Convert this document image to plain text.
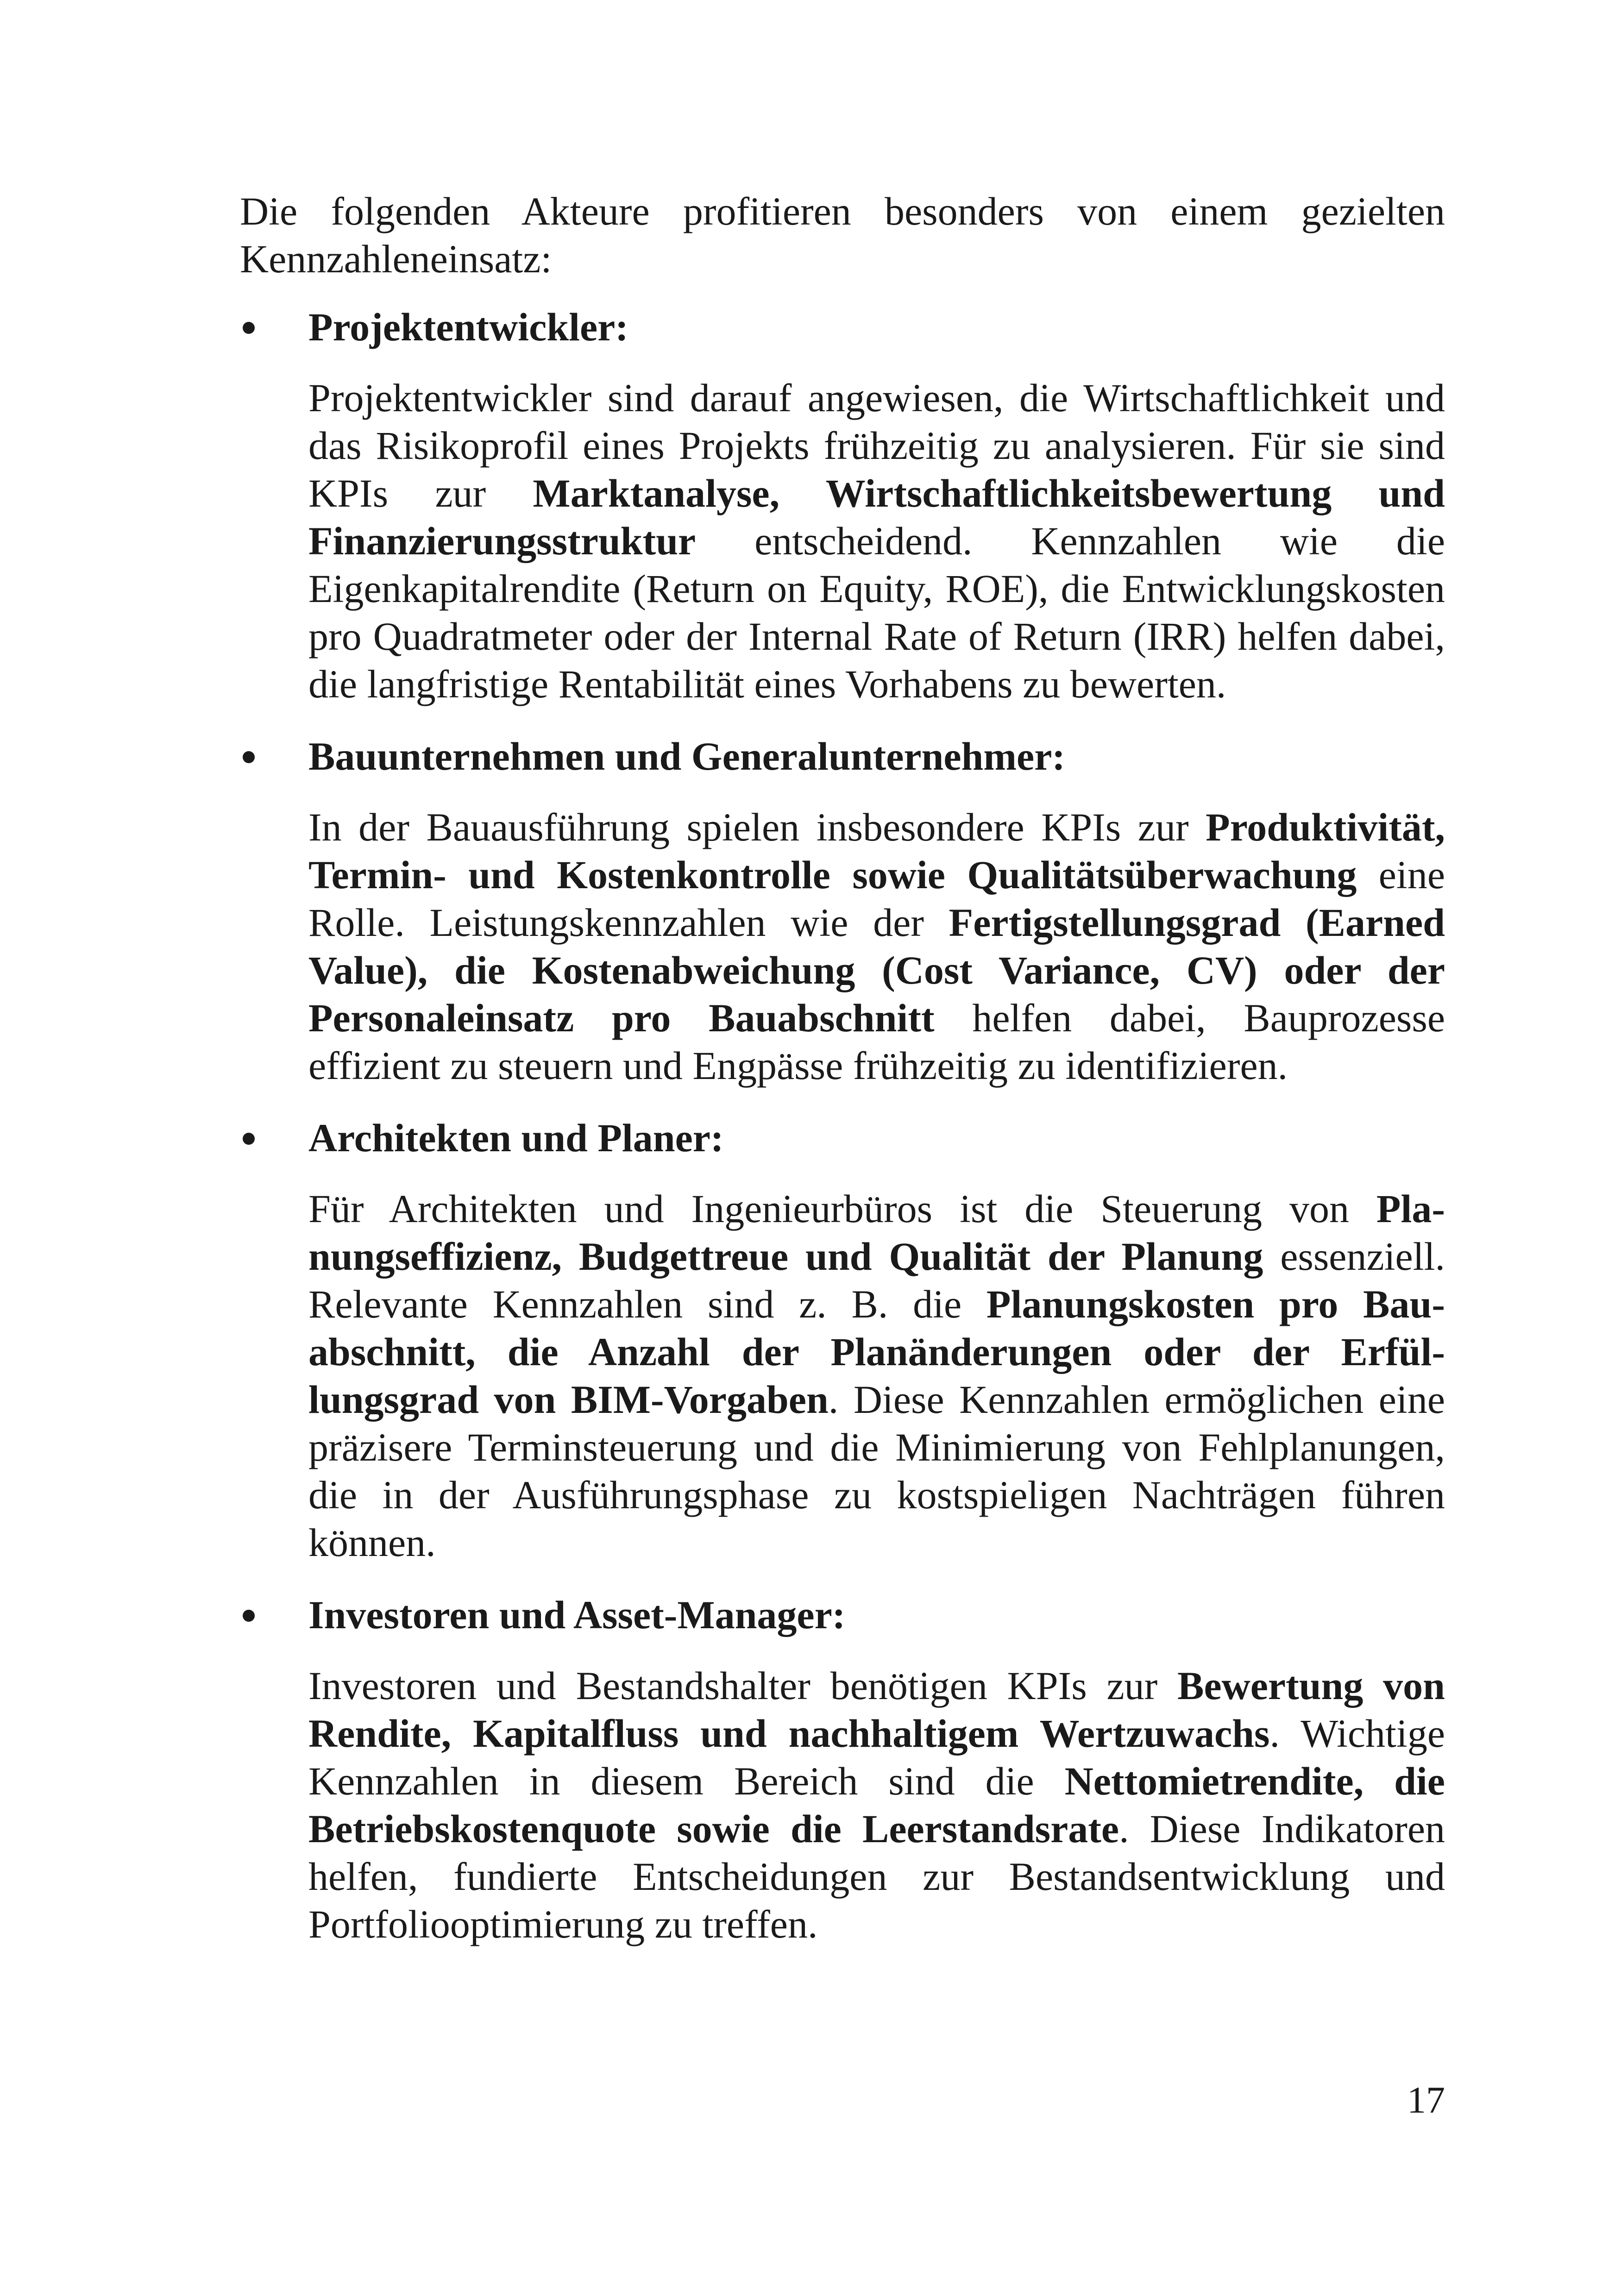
Die folgenden Akteure profitieren besonders von einem gezielten Kennzahleneinsatz:

Projektentwickler:

Projektentwickler sind darauf angewiesen, die Wirtschaftlichkeit und das Risikoprofil eines Projekts frühzeitig zu analysieren. Für sie sind KPIs zur Marktanalyse, Wirtschaftlichkeitsbewertung und Finanzierungsstruktur entscheidend. Kennzahlen wie die Eigenkapitalrendite (Return on Equity, ROE), die Entwicklungskosten pro Quadratmeter oder der Internal Rate of Return (IRR) helfen dabei, die langfristige Rentabilität eines Vorhabens zu bewerten.

Bauunternehmen und Generalunternehmer:

In der Bauausführung spielen insbesondere KPIs zur Produktivität, Termin- und Kostenkontrolle sowie Qualitätsüberwachung eine Rolle. Leistungskennzahlen wie der Fertigstellungsgrad (Earned Value), die Kostenabweichung (Cost Variance, CV) oder der Personaleinsatz pro Bauabschnitt helfen dabei, Bauprozesse effizient zu steuern und Engpässe frühzeitig zu identifizieren.

Architekten und Planer:

Für Architekten und Ingenieurbüros ist die Steuerung von Planungseffizienz, Budgettreue und Qualität der Planung essenziell. Relevante Kennzahlen sind z. B. die Planungskosten pro Bauabschnitt, die Anzahl der Planänderungen oder der Erfüllungsgrad von BIM-Vorgaben. Diese Kennzahlen ermöglichen eine präzisere Terminsteuerung und die Minimierung von Fehlplanungen, die in der Ausführungsphase zu kostspieligen Nachträgen führen können.

Investoren und Asset-Manager:

Investoren und Bestandshalter benötigen KPIs zur Bewertung von Rendite, Kapitalfluss und nachhaltigem Wertzuwachs. Wichtige Kennzahlen in diesem Bereich sind die Nettomietrendite, die Betriebskostenquote sowie die Leerstandsrate. Diese Indikatoren helfen, fundierte Entscheidungen zur Bestandsentwicklung und Portfoliooptimierung zu treffen.

17
